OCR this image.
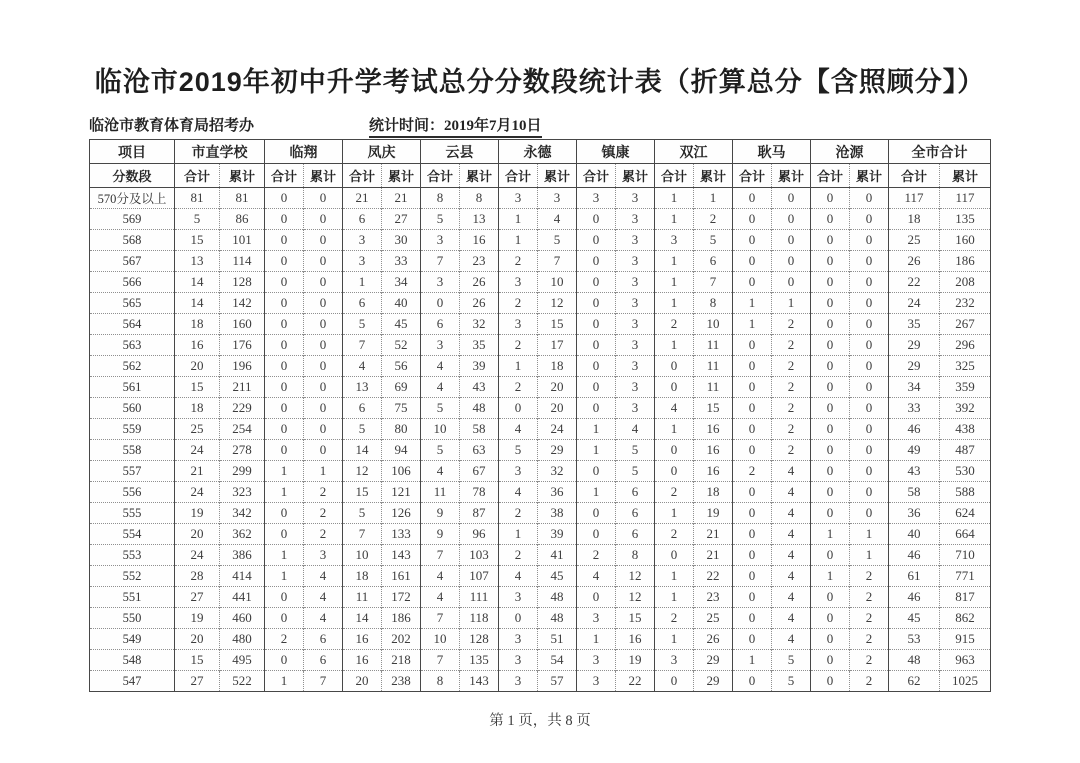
临沧市2019年初中升学考试总分分数段统计表（折算总分【含照顾分】）
临沧市教育体育局招考办	统计时间：2019年7月10日
项目	市直学校		临翔		凤庆		云县		永德		镇康		双江		耿马		沧源		全市合计	
分数段	合计	累计	合计	累计	合计	累计	合计	累计	合计	累计	合计	累计	合计	累计	合计	累计	合计	累计	合计	累计
570分及以上	81	81	0	0	21	21	8	8	3	3	3	3	1	1	0	0	0	0	117	117
569	5	86	0	0	6	27	5	13	1	4	0	3	1	2	0	0	0	0	18	135
568	15	101	0	0	3	30	3	16	1	5	0	3	3	5	0	0	0	0	25	160
567	13	114	0	0	3	33	7	23	2	7	0	3	1	6	0	0	0	0	26	186
566	14	128	0	0	1	34	3	26	3	10	0	3	1	7	0	0	0	0	22	208
565	14	142	0	0	6	40	0	26	2	12	0	3	1	8	1	1	0	0	24	232
564	18	160	0	0	5	45	6	32	3	15	0	3	2	10	1	2	0	0	35	267
563	16	176	0	0	7	52	3	35	2	17	0	3	1	11	0	2	0	0	29	296
562	20	196	0	0	4	56	4	39	1	18	0	3	0	11	0	2	0	0	29	325
561	15	211	0	0	13	69	4	43	2	20	0	3	0	11	0	2	0	0	34	359
560	18	229	0	0	6	75	5	48	0	20	0	3	4	15	0	2	0	0	33	392
559	25	254	0	0	5	80	10	58	4	24	1	4	1	16	0	2	0	0	46	438
558	24	278	0	0	14	94	5	63	5	29	1	5	0	16	0	2	0	0	49	487
557	21	299	1	1	12	106	4	67	3	32	0	5	0	16	2	4	0	0	43	530
556	24	323	1	2	15	121	11	78	4	36	1	6	2	18	0	4	0	0	58	588
555	19	342	0	2	5	126	9	87	2	38	0	6	1	19	0	4	0	0	36	624
554	20	362	0	2	7	133	9	96	1	39	0	6	2	21	0	4	1	1	40	664
553	24	386	1	3	10	143	7	103	2	41	2	8	0	21	0	4	0	1	46	710
552	28	414	1	4	18	161	4	107	4	45	4	12	1	22	0	4	1	2	61	771
551	27	441	0	4	11	172	4	111	3	48	0	12	1	23	0	4	0	2	46	817
550	19	460	0	4	14	186	7	118	0	48	3	15	2	25	0	4	0	2	45	862
549	20	480	2	6	16	202	10	128	3	51	1	16	1	26	0	4	0	2	53	915
548	15	495	0	6	16	218	7	135	3	54	3	19	3	29	1	5	0	2	48	963
547	27	522	1	7	20	238	8	143	3	57	3	22	0	29	0	5	0	2	62	1025
第 1 页，共 8 页
